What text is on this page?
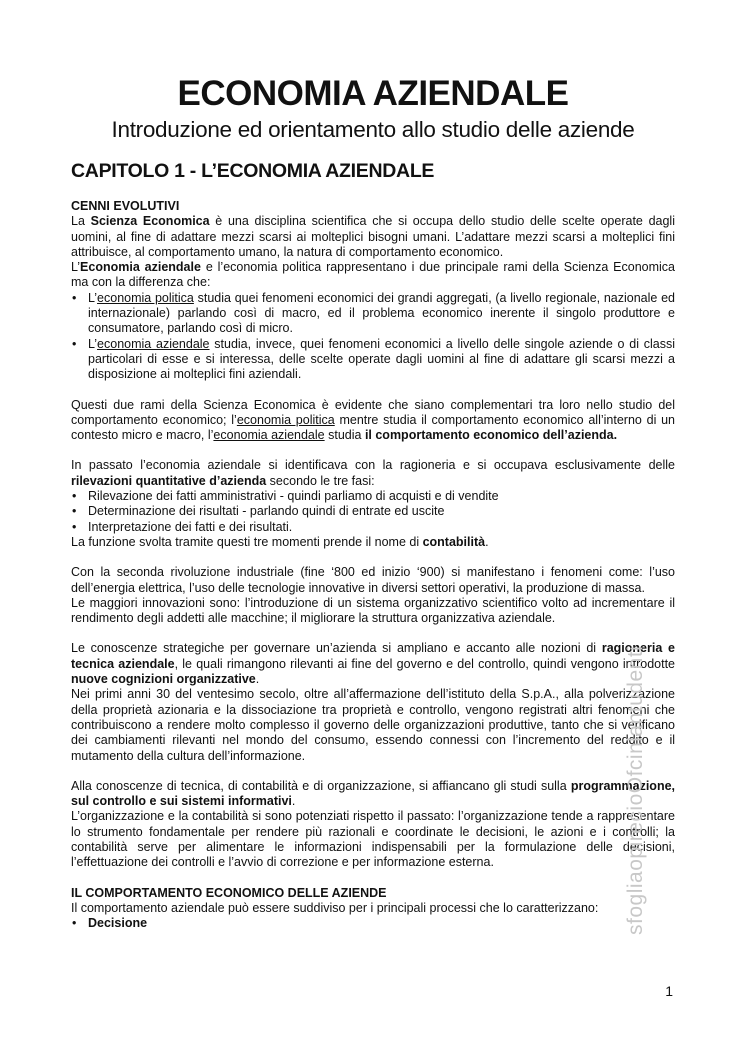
ECONOMIA AZIENDALE
Introduzione ed orientamento allo studio delle aziende
CAPITOLO 1 - L’ECONOMIA AZIENDALE

CENNI EVOLUTIVI

La Scienza Economica è una disciplina scientifica che si occupa dello studio delle scelte operate dagli uomini, al fine di adattare mezzi scarsi ai molteplici bisogni umani. L’adattare mezzi scarsi a molteplici fini attribuisce, al comportamento umano, la natura di comportamento economico.

L’Economia aziendale e l’economia politica rappresentano i due principale rami della Scienza Economica ma con la differenza che:

• L’economia politica studia quei fenomeni economici dei grandi aggregati, (a livello regionale, nazionale ed internazionale) parlando così di macro, ed il problema economico inerente il singolo produttore e consumatore, parlando così di micro.
• L’economia aziendale studia, invece, quei fenomeni economici a livello delle singole aziende o di classi particolari di esse e si interessa, delle scelte operate dagli uomini al fine di adattare gli scarsi mezzi a disposizione ai molteplici fini aziendali.

Questi due rami della Scienza Economica è evidente che siano complementari tra loro nello studio del comportamento economico; l’economia politica mentre studia il comportamento economico all’interno di un contesto micro e macro, l’economia aziendale studia il comportamento economico dell’azienda.

In passato l’economia aziendale si identificava con la ragioneria e si occupava esclusivamente delle rilevazioni quantitative d’azienda secondo le tre fasi:

• Rilevazione dei fatti amministrativi - quindi parliamo di acquisti e di vendite
• Determinazione dei risultati - parlando quindi di entrate ed uscite
• Interpretazione dei fatti e dei risultati.

La funzione svolta tramite questi tre momenti prende il nome di contabilità.

Con la seconda rivoluzione industriale (fine ‘800 ed inizio ‘900) si manifestano i fenomeni come: l’uso dell’energia elettrica, l’uso delle tecnologie innovative in diversi settori operativi, la produzione di massa.

Le maggiori innovazioni sono: l’introduzione di un sistema organizzativo scientifico volto ad incrementare il rendimento degli addetti alle macchine; il migliorare la struttura organizzativa aziendale.

Le conoscenze strategiche per governare un’azienda si ampliano e accanto alle nozioni di ragioneria e tecnica aziendale, le quali rimangono rilevanti ai fine del governo e del controllo, quindi vengono introdotte nuove cognizioni organizzative.

Nei primi anni 30 del ventesimo secolo, oltre all’affermazione dell’istituto della S.p.A., alla polverizzazione della proprietà azionaria e la dissociazione tra proprietà e controllo, vengono registrati altri fenomeni che contribuiscono a rendere molto complesso il governo delle organizzazioni produttive, tanto che si verificano dei cambiamenti rilevanti nel mondo del consumo, essendo connessi con l’incremento del reddito e il mutamento della cultura dell’informazione.

Alla conoscenze di tecnica, di contabilità e di organizzazione, si affiancano gli studi sulla programmazione, sul controllo e sui sistemi informativi.

L’organizzazione e la contabilità si sono potenziati rispetto il passato: l’organizzazione tende a rappresentare lo strumento fondamentale per rendere più razionali e coordinate le decisioni, le azioni e i controlli; la contabilità serve per alimentare le informazioni indispensabili per la formulazione delle decisioni, l’effettuazione dei controlli e l’avvio di correzione e per informazione esterna.

IL COMPORTAMENTO ECONOMICO DELLE AZIENDE

Il comportamento aziendale può essere suddiviso per i principali processi che lo caratterizzano:

• Decisione	sfogliaopirecioOfcinlantudenti
1
